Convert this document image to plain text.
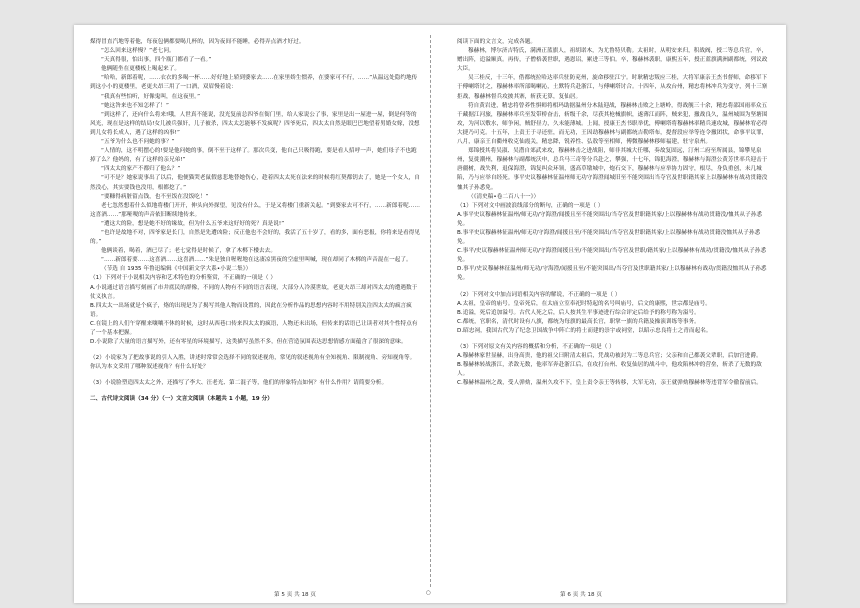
煤得冒直汽地等着他，每夜包俩都要喝几杯的，因为夜间不能睡，必得弄点酒才好过。

“怎么回来这样慢？”老七问。

“天真得很，怕出事，四个瓶门都看了一看。”

他俩随坐在更楼板上喝起来了。

“哈哈，新郎着呢，……衣衣的多喝一杯……好好地上轿到婆家去……在家里娇生惯养，在婆家可不行，……”从温远处隐约地传到这小小的更楼里，老更夫昂三用了一口酒，双眉慢着说：

“我真有些怕听，好像鬼叫，在这夜里。”

“她这咎来也不知怎样了！”

“到这样了，还向什么将来!哦，人世真不能说，没光复前总四爷在衙门里，给人家说公了事，家里是出一屋进一屋，倒是何等的风光，现在是这样的结局!女儿被兵强奸，儿子被杀，四太太怎能够不发疯呢？四爷死后，四太太自然是眼巴巴地望着男婚女嫁，没想到儿女将长成人，遇了这样的凶事!”

“五爷为什么也不问她的事？”

“人情的，这不明摆心的!要是他问她的事，倒不至于这样了。那次兵变，他自己只吸得跑，要是看人招呼一声，她们母子不也跑掉了么？他妈的，有了这样的亲兄弟!”

“四太太的家产不都归了他么？”

“可不是？她家说事出了以后，他便猫哭老鼠假慈悲地替她伤心，趁着四太太死在法来的时候将红契都钥去了，她是一个女人，自然没心，其实要钱也没用，根都挖了。”

“要糠得病脏留点钱，也不至饭在没饭吃！”

老七忽然想着什么似地将楼门开开，伸头向外探望，见没有什么，于是又将楼门重新关起。“到婆家去可不行，……新郎着呢……这喜酒……”那哑嗄的声音依旧断续地传来。

“遭这大的险，想是她不好的缘故，但为什么五爷来这好好的死？真是说!”

“也许是故地不对，四爷家是长门，自然是先遭凶险；反正他也不会好的，我活了五十岁了，看的多，面有恶报，你将来是看得见的。”

他俩谈着，喝着，酒已尽了；老七觉得是时候了，拿了木梆下楼去去。

“……新郎着要……这喜酒……这喜酒……”朱是独自喔喔地在这凄凉黑夜的空虚里叫喊，现在却同了木梆的声音混在一起了。

（节选 自 1935 年鲁迅编辑《中国新文学大系•小说二集》）

（1）下列对于小说相关内容和艺术特色的分析鉴赏，不正确的一项是（ ）

A.小说通过语言描写刻画了市井底民的群像，不同的人物有不同的语言表现，大部分人冷漠世故，老更夫昂三却对四太太的遭遇数于仗义执言。

B.四太太一出场就是个疯子，烙的出现是为了揭写其他人物而设置的，因此在分析作品的思想内容时不用特别关注四太太的疯言疯语。

C.在镜上的人们午穿醒来嚷嚷不休的时候，这时从西巷口传来四太太的疯语，人物还未出场，但传来的话语已让读者对其个性特点有了一个基本把握。

D.小说除了大量的语言描写外，还有零星的环境描写，这类描写虽然不多，但在营造氛围表达思想情感方面蕴含了很深的意味。

（2）小说家为了把故事说的引人入胜，讲述时常常会选择不同的叙述视角，常见的叙述视角有全知视角、限制视角、旁知视角等。你认为本文采用了哪种叙述视角？有什么好处？

（3）小说脸塑造四太太之外，还描写了李大、汪老光、第二混子等，他们的形象特点如何？有什么作用？请简要分析。

二、古代诗文阅读（34 分）（一）文言文阅读（本题共 1 小题，19 分）

阅读下面的文言文，完成各题。

穆赫林，博尔济吉特氏，满洲正蓝旗人，祖胡诺木，为尤鲁特贝勒。太祖时，从明安来归，积战阀，授二等总兵官，卒，赠出阵，追溢顺真。再传，子僧格袭世职，遇恩诏，累进三等伯。卒，穆赫林袭职，康熙五年，授正蓝旗满洲副都统，列议政大臣。

吴三桂反，十三年，借都统拉哈达率兵驻防兖州，旋命移驻江宁。时耿精忠叛应三桂，大将军康亲王杰书督师，命移军下于傅喇塔讨之，穆赫林率所部喝喇沁，土默特兵赴浙江，与傅喇塔讨合。十四年，从攻台州，精忠将林冲兵为变守，列十三寨拒战，穆赫林督兵攻披其寨，斩获无算，复仙居。

符自黄岩进，精忠将曾养性惧师将相玛助据温州分木陆迎战，穆赫林击败之上塘岭，得战舰三十余，精忠将邵国雨率众五千藏据江河旅，穆赫林率兵至发带桥奋击，斩级千余，尽获其枪械旗帜，遂薄江而阵，贼来犯，撤战良久，温州城围为坚塘围攻，为河以敷水，师争闲，贼舒昼力，久未能薄城。上闻，授康王杰书职举优，傅喇塔将穆赫林率精兵速攻城，穆赫林宥必得大捷乃可克。十五年，上责王于寻还驻，而无功，王因劫穆赫林与副都统吉勒塔布，提督段应举等连令撤团状，命事平议罪，八月，康亲王自衢州收克仙霞关，精忠降，锐养性、弘敖等至相师，傅微穆赫林移师福建，驻守泉州。

郑锦授其将吴淑、吴潜自郊武来攻，穆赫林击之进战阻，师非其城大任哪，奏故复固远，汀州二府至所属县，锦攀见泉州，复徙潮州，穆赫林与副都统沃申，总兵马三奇等分兵赴之，攀强，十七年，锦犯海澄，穆赫林与海澄公黄芳世率兵迎击于唐疆树，战失利，退保海澄，锦复纠众环领，盛高草墩城中，炮石交下，穆赫林与应举协力固守，根尽，身负重创，未几城陷，乃与应举自经死。事平史议穆赫林征温州师无功守海澄闻城旧至不能突围出当夺官及世职籍其家上以穆赫林有战功贯籍没恤其子孙悉免。

（《清史稿•卷二百八十一》）

（1）下列对文中画波浪线部分的断句，正确的一项是（ ）

A.事平史议穆赫林征温州/师无功/守海澄/闻援且至不能突围出/当夺官及世职籍其家/上以穆赫林有战功贯籍没/恤其从子孙悉免。

B.事平史议穆赫林征温州/师无功守海澄/闻援且至/不能突围出/当夺官及世职籍其家/上以穆赫林有战功贯籍没恤其从子孙悉免。

C.事平/史议穆赫林征温州师无功/守海澄闻援且至/不能突围出/当夺官及世职/籍其家/上以穆赫林有战功/贯籍没/恤其从子孙悉免。

D.事平/史议穆赫林征温州/师无功/守海澄/闻援且至/不能突围出/当夺官及世职籍其家/上以穆赫林有战功/贯籍没恤其从子孙悉免。

（2）下列对文中加点词语相关内容的解说，不正确的一项是（ ）

A.太祖，皇帝的庙号。皇帝死后，在太庙立室奉祀时特起的名号叫庙号，后文的康熙，世宗都是庙号。

B.追溢，死后追加溢号。古代人死之后，后人按其生平事迹进行综合评定后给予的称号称为溢号。

C.都统，官职名，清代时设有八旗，都统为每旗的最高长官，职掌一旗的兵籍及操演训练等事务。

D.昭忠祠，我国古代为了纪念卫国战争中阵亡的将士而建的崇宇或祠堂，以昭示忠良将士之青而起名。

（3）下列对原文有关内容的概括和分析，不正确的一项是（ ）

A.穆赫林家世显赫，出身高贵，他的祖父曰附清太祖后，凭战功被封为二等总兵官；父亲和自己都袭父辈职，后加官进爵。

B.穆赫林转战浙江，杀敌无数，他率军奔赴浙江后，在攻打台州、收复仙居的战斗中，他攻陷林冲的营垒，斩杀了无数的敌人。

C.穆赫林温州之战，受人弹劾，温州久攻不下，皇上责令亲王等转移，大军无功，亲王就弹劾穆赫林等违背军令徹留前后。

第 5 页 共 18 页	○	第 6 页 共 18 页
